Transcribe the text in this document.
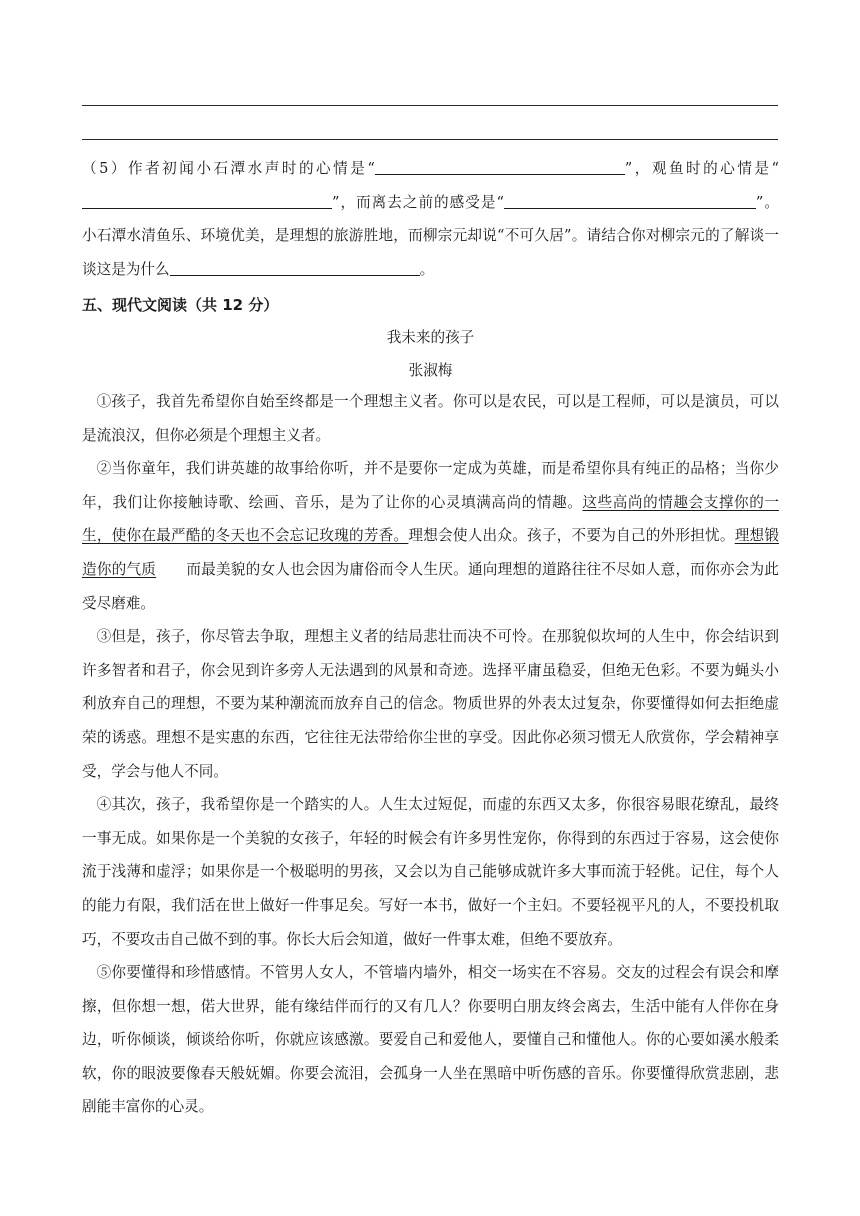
（5）作者初闻小石潭水声时的心情是“	”，观鱼时的心情是“”，而离去之前的感受是“	”。小石潭水清鱼乐、环境优美，是理想的旅游胜地，而柳宗元却说“不可久居”。请结合你对柳宗元的了解谈一谈这是为什么	。
五、现代文阅读（共 12 分）
我未来的孩子
张淑梅

①孩子，我首先希望你自始至终都是一个理想主义者。你可以是农民，可以是工程师，可以是演员，可以是流浪汉，但你必须是个理想主义者。

②当你童年，我们讲英雄的故事给你听，并不是要你一定成为英雄，而是希望你具有纯正的品格；当你少年，我们让你接触诗歌、绘画、音乐，是为了让你的心灵填满高尚的情趣。这些高尚的情趣会支撑你的一生，使你在最严酷的冬天也不会忘记玫瑰的芳香。理想会使人出众。孩子，不要为自己的外形担忧。理想锻造你的气质 而最美貌的女人也会因为庸俗而令人生厌。通向理想的道路往往不尽如人意，而你亦会为此受尽磨难。

③但是，孩子，你尽管去争取，理想主义者的结局悲壮而决不可怜。在那貌似坎坷的人生中，你会结识到许多智者和君子，你会见到许多旁人无法遇到的风景和奇迹。选择平庸虽稳妥，但绝无色彩。不要为蝇头小利放弃自己的理想，不要为某种潮流而放弃自己的信念。物质世界的外表太过复杂，你要懂得如何去拒绝虚荣的诱惑。理想不是实惠的东西，它往往无法带给你尘世的享受。因此你必须习惯无人欣赏你，学会精神享受，学会与他人不同。

④其次，孩子，我希望你是一个踏实的人。人生太过短促，而虚的东西又太多，你很容易眼花缭乱，最终一事无成。如果你是一个美貌的女孩子，年轻的时候会有许多男性宠你，你得到的东西过于容易，这会使你流于浅薄和虚浮；如果你是一个极聪明的男孩，又会以为自己能够成就许多大事而流于轻佻。记住，每个人的能力有限，我们活在世上做好一件事足矣。写好一本书，做好一个主妇。不要轻视平凡的人，不要投机取巧，不要攻击自己做不到的事。你长大后会知道，做好一件事太难，但绝不要放弃。

⑤你要懂得和珍惜感情。不管男人女人，不管墙内墙外，相交一场实在不容易。交友的过程会有误会和摩擦，但你想一想，偌大世界，能有缘结伴而行的又有几人？你要明白朋友终会离去，生活中能有人伴你在身边，听你倾谈，倾谈给你听，你就应该感激。要爱自己和爱他人，要懂自己和懂他人。你的心要如溪水般柔软，你的眼波要像春天般妩媚。你要会流泪，会孤身一人坐在黑暗中听伤感的音乐。你要懂得欣赏悲剧，悲剧能丰富你的心灵。
